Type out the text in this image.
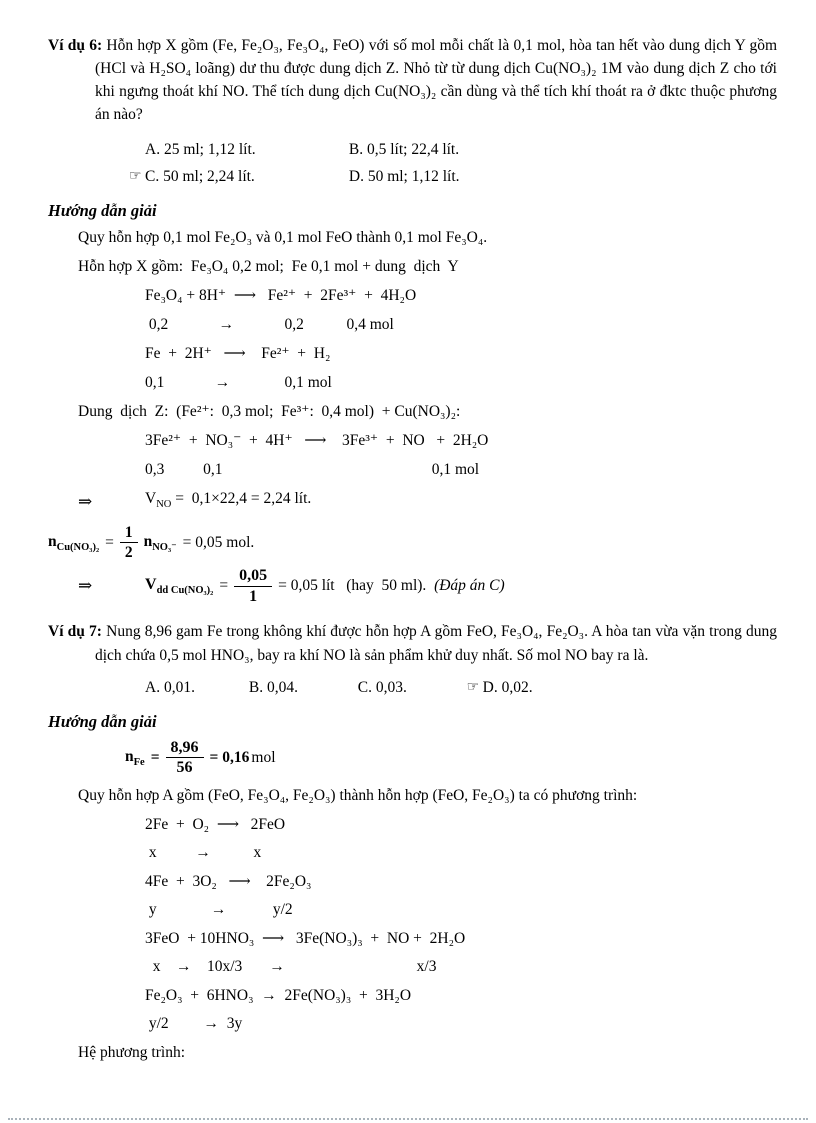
Ví dụ 6: Hỗn hợp X gồm (Fe, Fe₂O₃, Fe₃O₄, FeO) với số mol mỗi chất là 0,1 mol, hòa tan hết vào dung dịch Y gồm (HCl và H₂SO₄ loãng) dư thu được dung dịch Z. Nhỏ từ từ dung dịch Cu(NO₃)₂ 1M vào dung dịch Z cho tới khi ngưng thoát khí NO. Thể tích dung dịch Cu(NO₃)₂ cần dùng và thể tích khí thoát ra ở đktc thuộc phương án nào?
A. 25 ml; 1,12 lít.	B. 0,5 lít; 22,4 lít.
☞ C. 50 ml; 2,24 lít.	D. 50 ml; 1,12 lít.
Hướng dẫn giải
Quy hỗn hợp 0,1 mol Fe₂O₃ và 0,1 mol FeO thành 0,1 mol Fe₃O₄.
Hỗn hợp X gồm:  Fe₃O₄ 0,2 mol;  Fe 0,1 mol + dung  dịch  Y
Fe₃O₄ + 8H⁺  ⟶   Fe²⁺  +  2Fe³⁺  +  4H₂O
0,2             →             0,2           0,4 mol
Fe  +  2H⁺   ⟶    Fe²⁺  +  H₂
0,1             →              0,1 mol
Dung  dịch  Z:  (Fe²⁺:  0,3 mol;  Fe³⁺:  0,4 mol)  + Cu(NO₃)₂:
3Fe²⁺  +  NO₃⁻  +  4H⁺   ⟶    3Fe³⁺  +  NO   +  2H₂O
0,3          0,1                                                      0,1 mol
⇒	$V_{NO} = 0,1\times 22,4 = 2,24$ lít.
$n_{Cu(NO_3)_2} = \frac{1}{2} n_{NO_3^-} = 0,05$ mol.
⇒	$V_{dd Cu(NO_3)_2} = \frac{0,05}{1} = 0,05$ lít   (hay  50 ml). (Đáp án C)
Ví dụ 7: Nung 8,96 gam Fe trong không khí được hỗn hợp A gồm FeO, Fe₃O₄, Fe₂O₃. A hòa tan vừa vặn trong dung dịch chứa 0,5 mol HNO₃, bay ra khí NO là sản phẩm khử duy nhất. Số mol NO bay ra là.
A. 0,01.	B. 0,04.	C. 0,03.	☞ D. 0,02.
Hướng dẫn giải
$n_{Fe} = \frac{8,96}{56} = 0,16$ mol
Quy hỗn hợp A gồm (FeO, Fe₃O₄, Fe₂O₃) thành hỗn hợp (FeO, Fe₂O₃) ta có phương trình:
2Fe  +  O₂  ⟶   2FeO
x          →           x
4Fe  +  3O₂   ⟶    2Fe₂O₃
y              →            y/2
3FeO  + 10HNO₃  ⟶   3Fe(NO₃)₃  +  NO +  2H₂O
x    →    10x/3       →                                  x/3
Fe₂O₃  +  6HNO₃  →  2Fe(NO₃)₃  +  3H₂O
y/2         →  3y
Hệ phương trình:
